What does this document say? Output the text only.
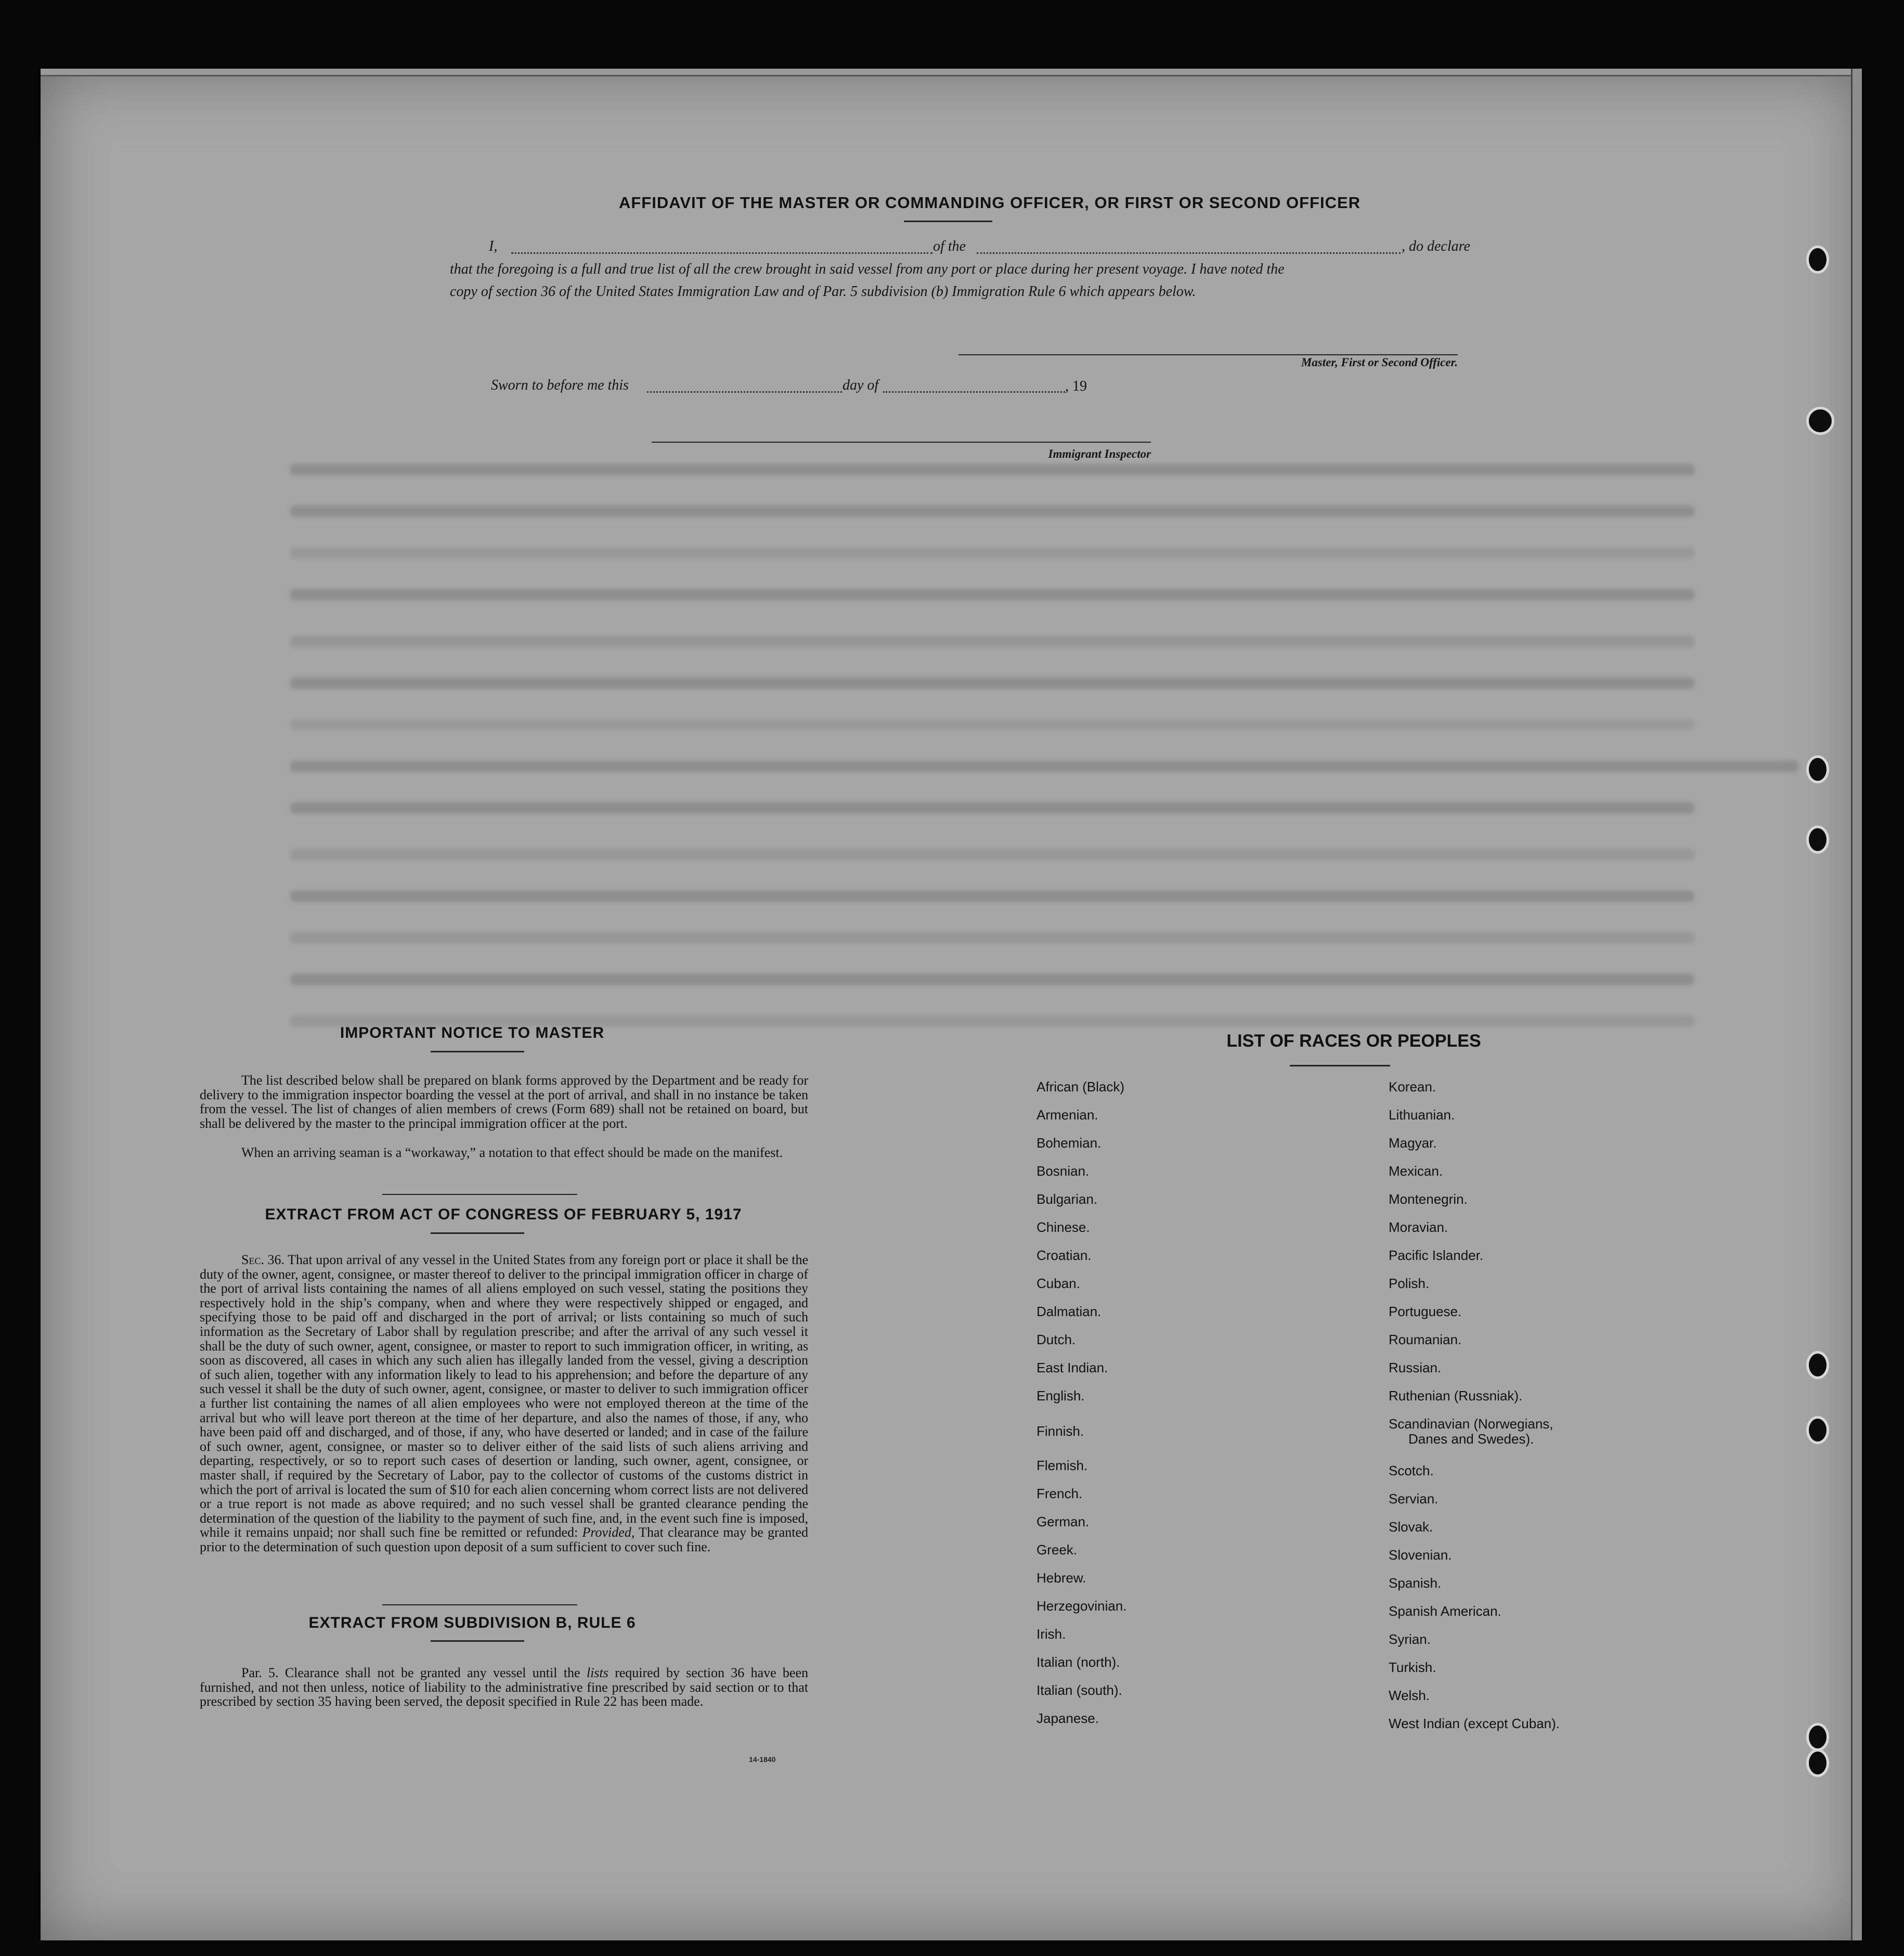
AFFIDAVIT OF THE MASTER OR COMMANDING OFFICER, OR FIRST OR SECOND OFFICER
I,	of the	, do declare
that the foregoing is a full and true list of all the crew brought in said vessel from any port or place during her present voyage. I have noted the
copy of section 36 of the United States Immigration Law and of Par. 5 subdivision (b) Immigration Rule 6 which appears below.
Master, First or Second Officer.
Sworn to before me this	day of	, 19
Immigrant Inspector
IMPORTANT NOTICE TO MASTER

The list described below shall be prepared on blank forms approved by the Department and be ready for delivery to the immigration inspector boarding the vessel at the port of arrival, and shall in no instance be taken from the vessel. The list of changes of alien members of crews (Form 689) shall not be retained on board, but shall be delivered by the master to the principal immigration officer at the port.

When an arriving seaman is a “workaway,” a notation to that effect should be made on the manifest.

EXTRACT FROM ACT OF CONGRESS OF FEBRUARY 5, 1917

Sec. 36. That upon arrival of any vessel in the United States from any foreign port or place it shall be the duty of the owner, agent, consignee, or master thereof to deliver to the principal immigration officer in charge of the port of arrival lists containing the names of all aliens employed on such vessel, stating the positions they respectively hold in the ship’s company, when and where they were respectively shipped or engaged, and specifying those to be paid off and discharged in the port of arrival; or lists containing so much of such information as the Secretary of Labor shall by regulation prescribe; and after the arrival of any such vessel it shall be the duty of such owner, agent, consignee, or master to report to such immigration officer, in writing, as soon as discovered, all cases in which any such alien has illegally landed from the vessel, giving a description of such alien, together with any information likely to lead to his apprehension; and before the departure of any such vessel it shall be the duty of such owner, agent, consignee, or master to deliver to such immigration officer a further list containing the names of all alien employees who were not employed thereon at the time of the arrival but who will leave port thereon at the time of her departure, and also the names of those, if any, who have been paid off and discharged, and of those, if any, who have deserted or landed; and in case of the failure of such owner, agent, consignee, or master so to deliver either of the said lists of such aliens arriving and departing, respectively, or so to report such cases of desertion or landing, such owner, agent, consignee, or master shall, if required by the Secretary of Labor, pay to the collector of customs of the customs district in which the port of arrival is located the sum of $10 for each alien concerning whom correct lists are not delivered or a true report is not made as above required; and no such vessel shall be granted clearance pending the determination of the question of the liability to the payment of such fine, and, in the event such fine is imposed, while it remains unpaid; nor shall such fine be remitted or refunded: Provided, That clearance may be granted prior to the determination of such question upon deposit of a sum sufficient to cover such fine.

EXTRACT FROM SUBDIVISION B, RULE 6

Par. 5. Clearance shall not be granted any vessel until the lists required by section 36 have been furnished, and not then unless, notice of liability to the administrative fine prescribed by said section or to that prescribed by section 35 having been served, the deposit specified in Rule 22 has been made.

14-1840
LIST OF RACES OR PEOPLES
African (Black)
Armenian.
Bohemian.
Bosnian.
Bulgarian.
Chinese.
Croatian.
Cuban.
Dalmatian.
Dutch.
East Indian.
English.
Finnish.
Flemish.
French.
German.
Greek.
Hebrew.
Herzegovinian.
Irish.
Italian (north).
Italian (south).
Japanese.
Korean.
Lithuanian.
Magyar.
Mexican.
Montenegrin.
Moravian.
Pacific Islander.
Polish.
Portuguese.
Roumanian.
Russian.
Ruthenian (Russniak).
Scandinavian (Norwegians,
Danes and Swedes).
Scotch.
Servian.
Slovak.
Slovenian.
Spanish.
Spanish American.
Syrian.
Turkish.
Welsh.
West Indian (except Cuban).
